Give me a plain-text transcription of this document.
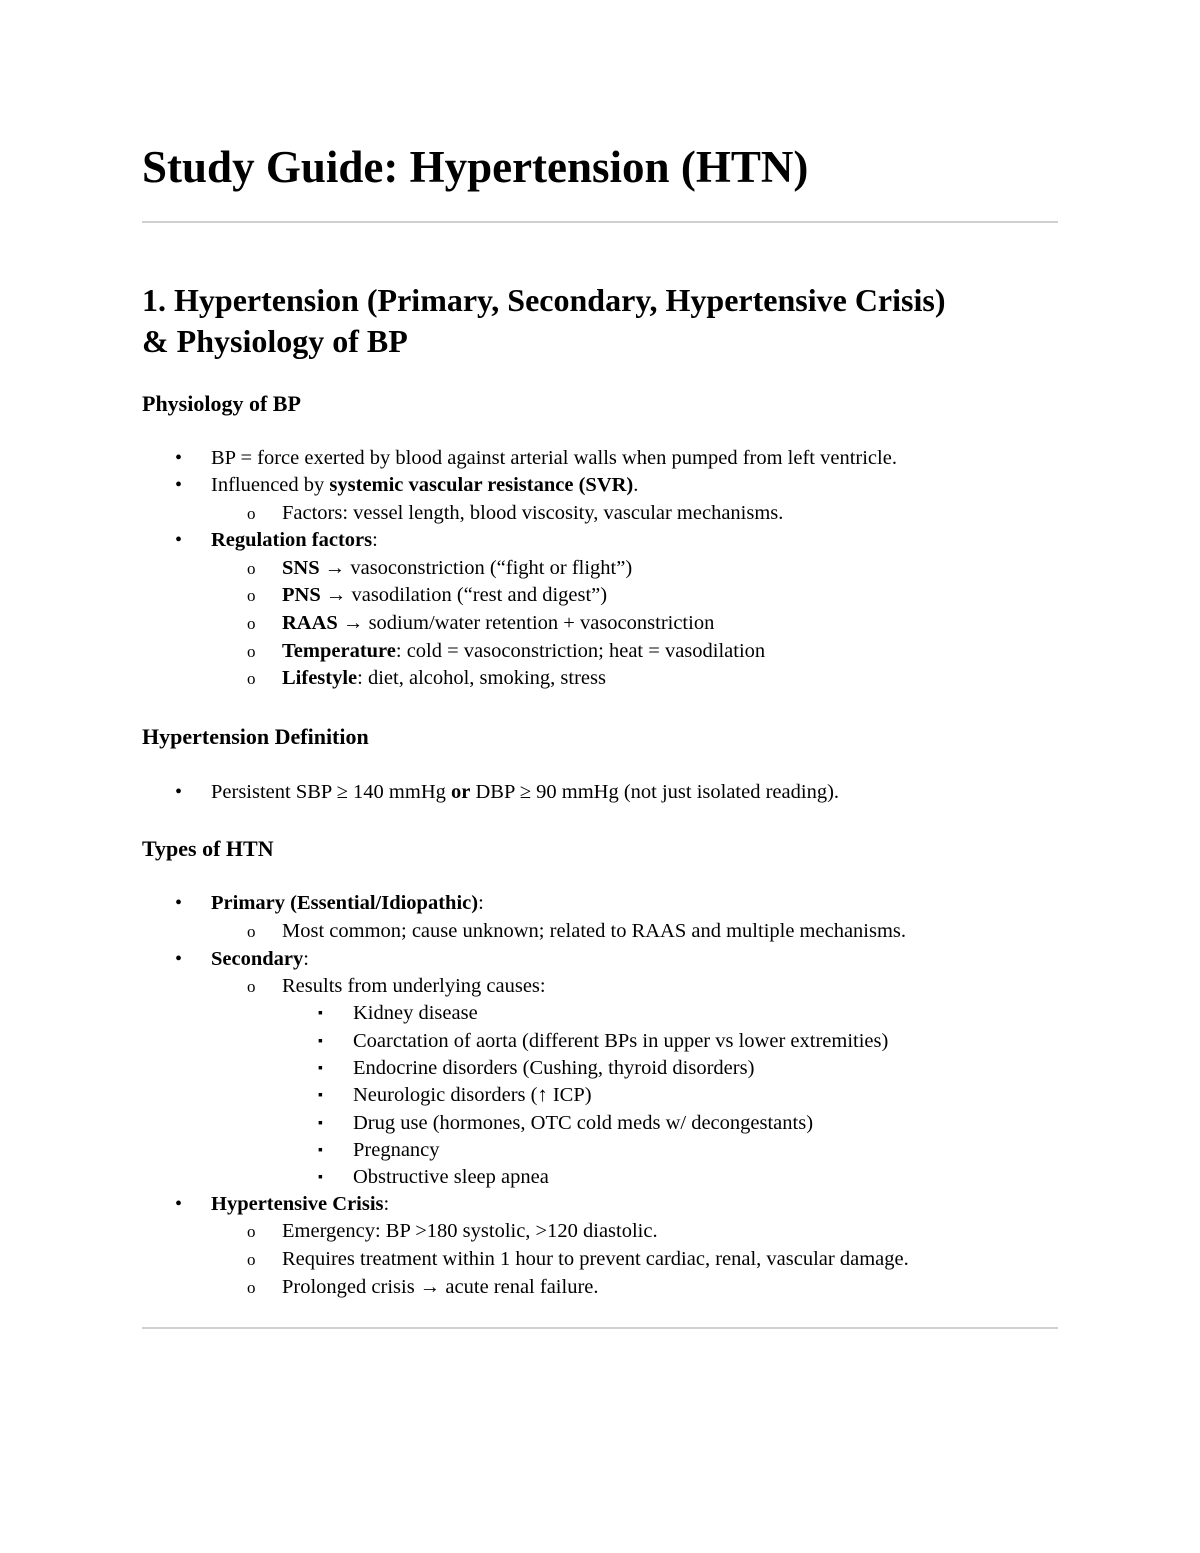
Study Guide: Hypertension (HTN)
1. Hypertension (Primary, Secondary, Hypertensive Crisis)
& Physiology of BP
Physiology of BP
• BP = force exerted by blood against arterial walls when pumped from left ventricle.
• Influenced by systemic vascular resistance (SVR).
o Factors: vessel length, blood viscosity, vascular mechanisms.
• Regulation factors:
o SNS → vasoconstriction (“fight or flight”)
o PNS → vasodilation (“rest and digest”)
o RAAS → sodium/water retention + vasoconstriction
o Temperature: cold = vasoconstriction; heat = vasodilation
o Lifestyle: diet, alcohol, smoking, stress
Hypertension Definition
• Persistent SBP ≥ 140 mmHg or DBP ≥ 90 mmHg (not just isolated reading).
Types of HTN
• Primary (Essential/Idiopathic):
o Most common; cause unknown; related to RAAS and multiple mechanisms.
• Secondary:
o Results from underlying causes:
▪ Kidney disease
▪ Coarctation of aorta (different BPs in upper vs lower extremities)
▪ Endocrine disorders (Cushing, thyroid disorders)
▪ Neurologic disorders (↑ ICP)
▪ Drug use (hormones, OTC cold meds w/ decongestants)
▪ Pregnancy
▪ Obstructive sleep apnea
• Hypertensive Crisis:
o Emergency: BP >180 systolic, >120 diastolic.
o Requires treatment within 1 hour to prevent cardiac, renal, vascular damage.
o Prolonged crisis → acute renal failure.
